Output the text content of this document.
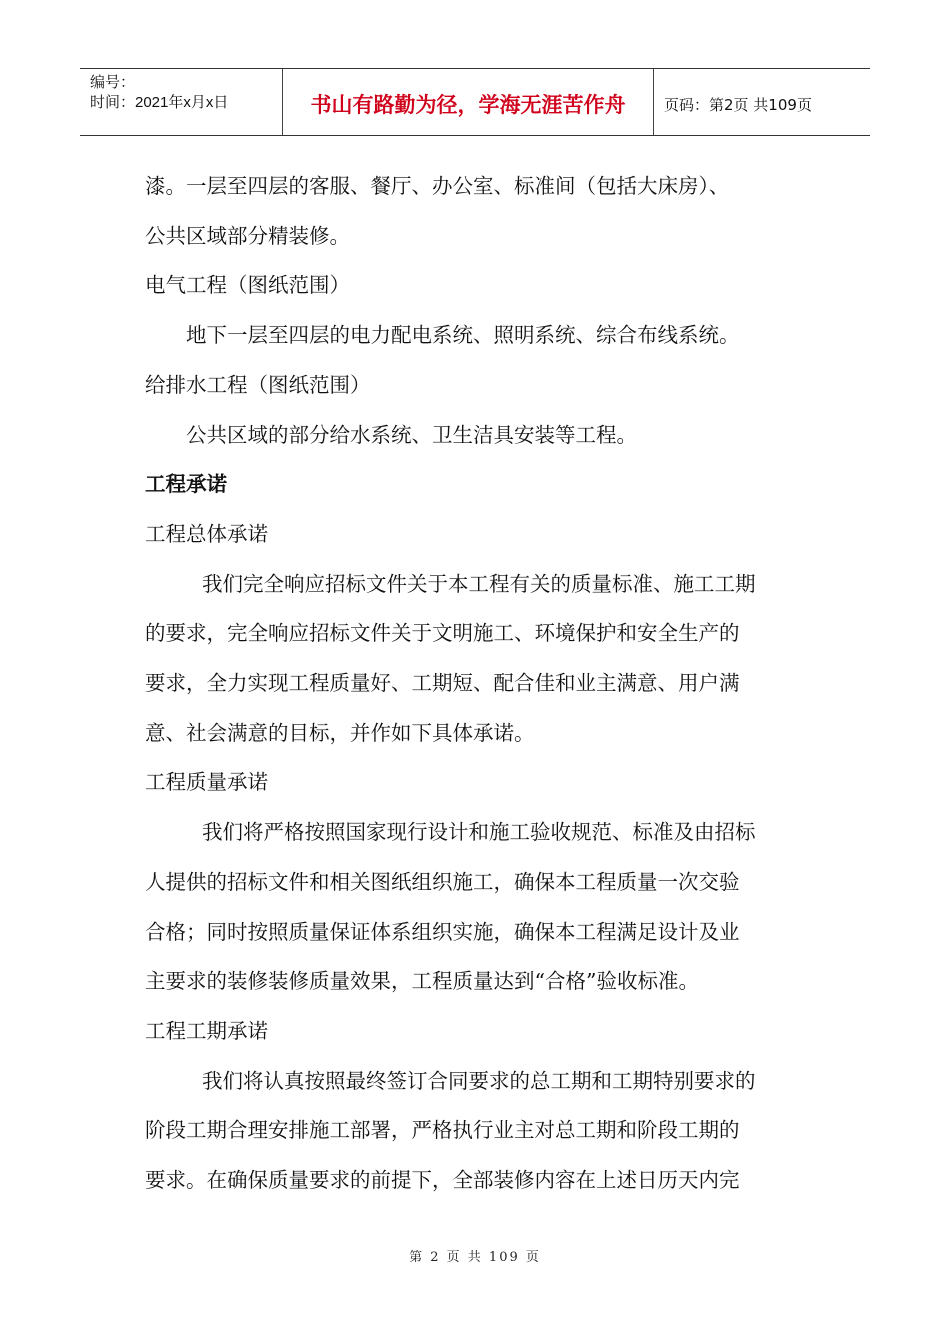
编号：
时间：2021年x月x日	书山有路勤为径，学海无涯苦作舟	页码：第2页 共109页

漆。一层至四层的客服、餐厅、办公室、标准间（包括大床房）、

公共区域部分精装修。

电气工程（图纸范围）

地下一层至四层的电力配电系统、照明系统、综合布线系统。

给排水工程（图纸范围）

公共区域的部分给水系统、卫生洁具安装等工程。

工程承诺

工程总体承诺

我们完全响应招标文件关于本工程有关的质量标准、施工工期

的要求，完全响应招标文件关于文明施工、环境保护和安全生产的

要求，全力实现工程质量好、工期短、配合佳和业主满意、用户满

意、社会满意的目标，并作如下具体承诺。

工程质量承诺

我们将严格按照国家现行设计和施工验收规范、标准及由招标

人提供的招标文件和相关图纸组织施工，确保本工程质量一次交验

合格；同时按照质量保证体系组织实施，确保本工程满足设计及业

主要求的装修装修质量效果，工程质量达到“合格”验收标准。

工程工期承诺

我们将认真按照最终签订合同要求的总工期和工期特别要求的

阶段工期合理安排施工部署，严格执行业主对总工期和阶段工期的

要求。在确保质量要求的前提下，全部装修内容在上述日历天内完

第 2 页 共 109 页
